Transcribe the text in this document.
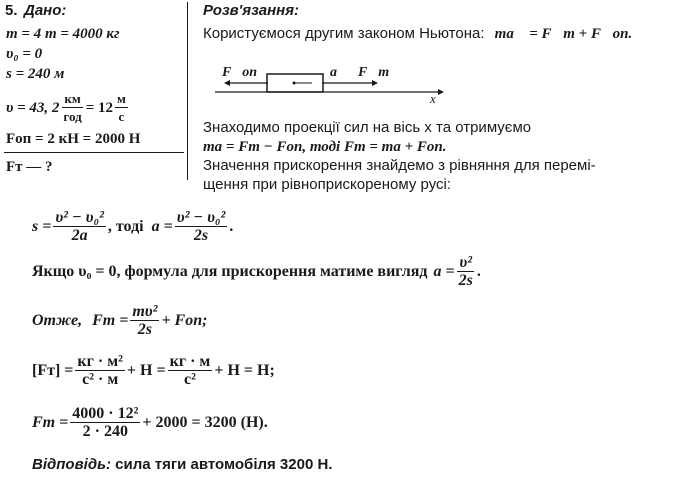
5. Дано:
m = 4 т = 4000 кг
υ₀ = 0
s = 240 м
υ = 43, $2 \frac{км}{\text{год}} = 12 \frac{м}{с}$
Fоп = 2 кН = 2000 Н
Fт — ?
Розв'язання:
Користуємося другим законом Ньютона: ma⃗ = F⃗т + F⃗оп.
F⃗оп	a⃗ F⃗т
x
Знаходимо проекції сил на вісь x та отримуємо
ma = Fт − Fоп, тоді Fт = ma + Fоп.
Значення прискорення знайдемо з рівняння для перемі-
щення при рівноприскореному русі:
$s = \frac{\text{υ² − υ₀²}}{2a}$ , тоді $a = \frac{\text{υ² − υ₀²}}{2s}$ .
Якщо υ₀ = 0, формула для прискорення матиме вигляд $a = \frac{\text{υ²}}{2s}$ .
Отже, Fт = $\frac{\text{mυ²}}{2s}$ + Fоп;
$[Fт] = \frac{\text{кг · м²}}{\text{с² · м}} + Н = \frac{кг \cdot м}{\text{с²}} + Н = Н$;
Fт = $\frac{\text{4000 · 12²}}{2 \cdot 240} + 2000 = 3200$ (Н).
Відповідь: сила тяги автомобіля 3200 Н.
